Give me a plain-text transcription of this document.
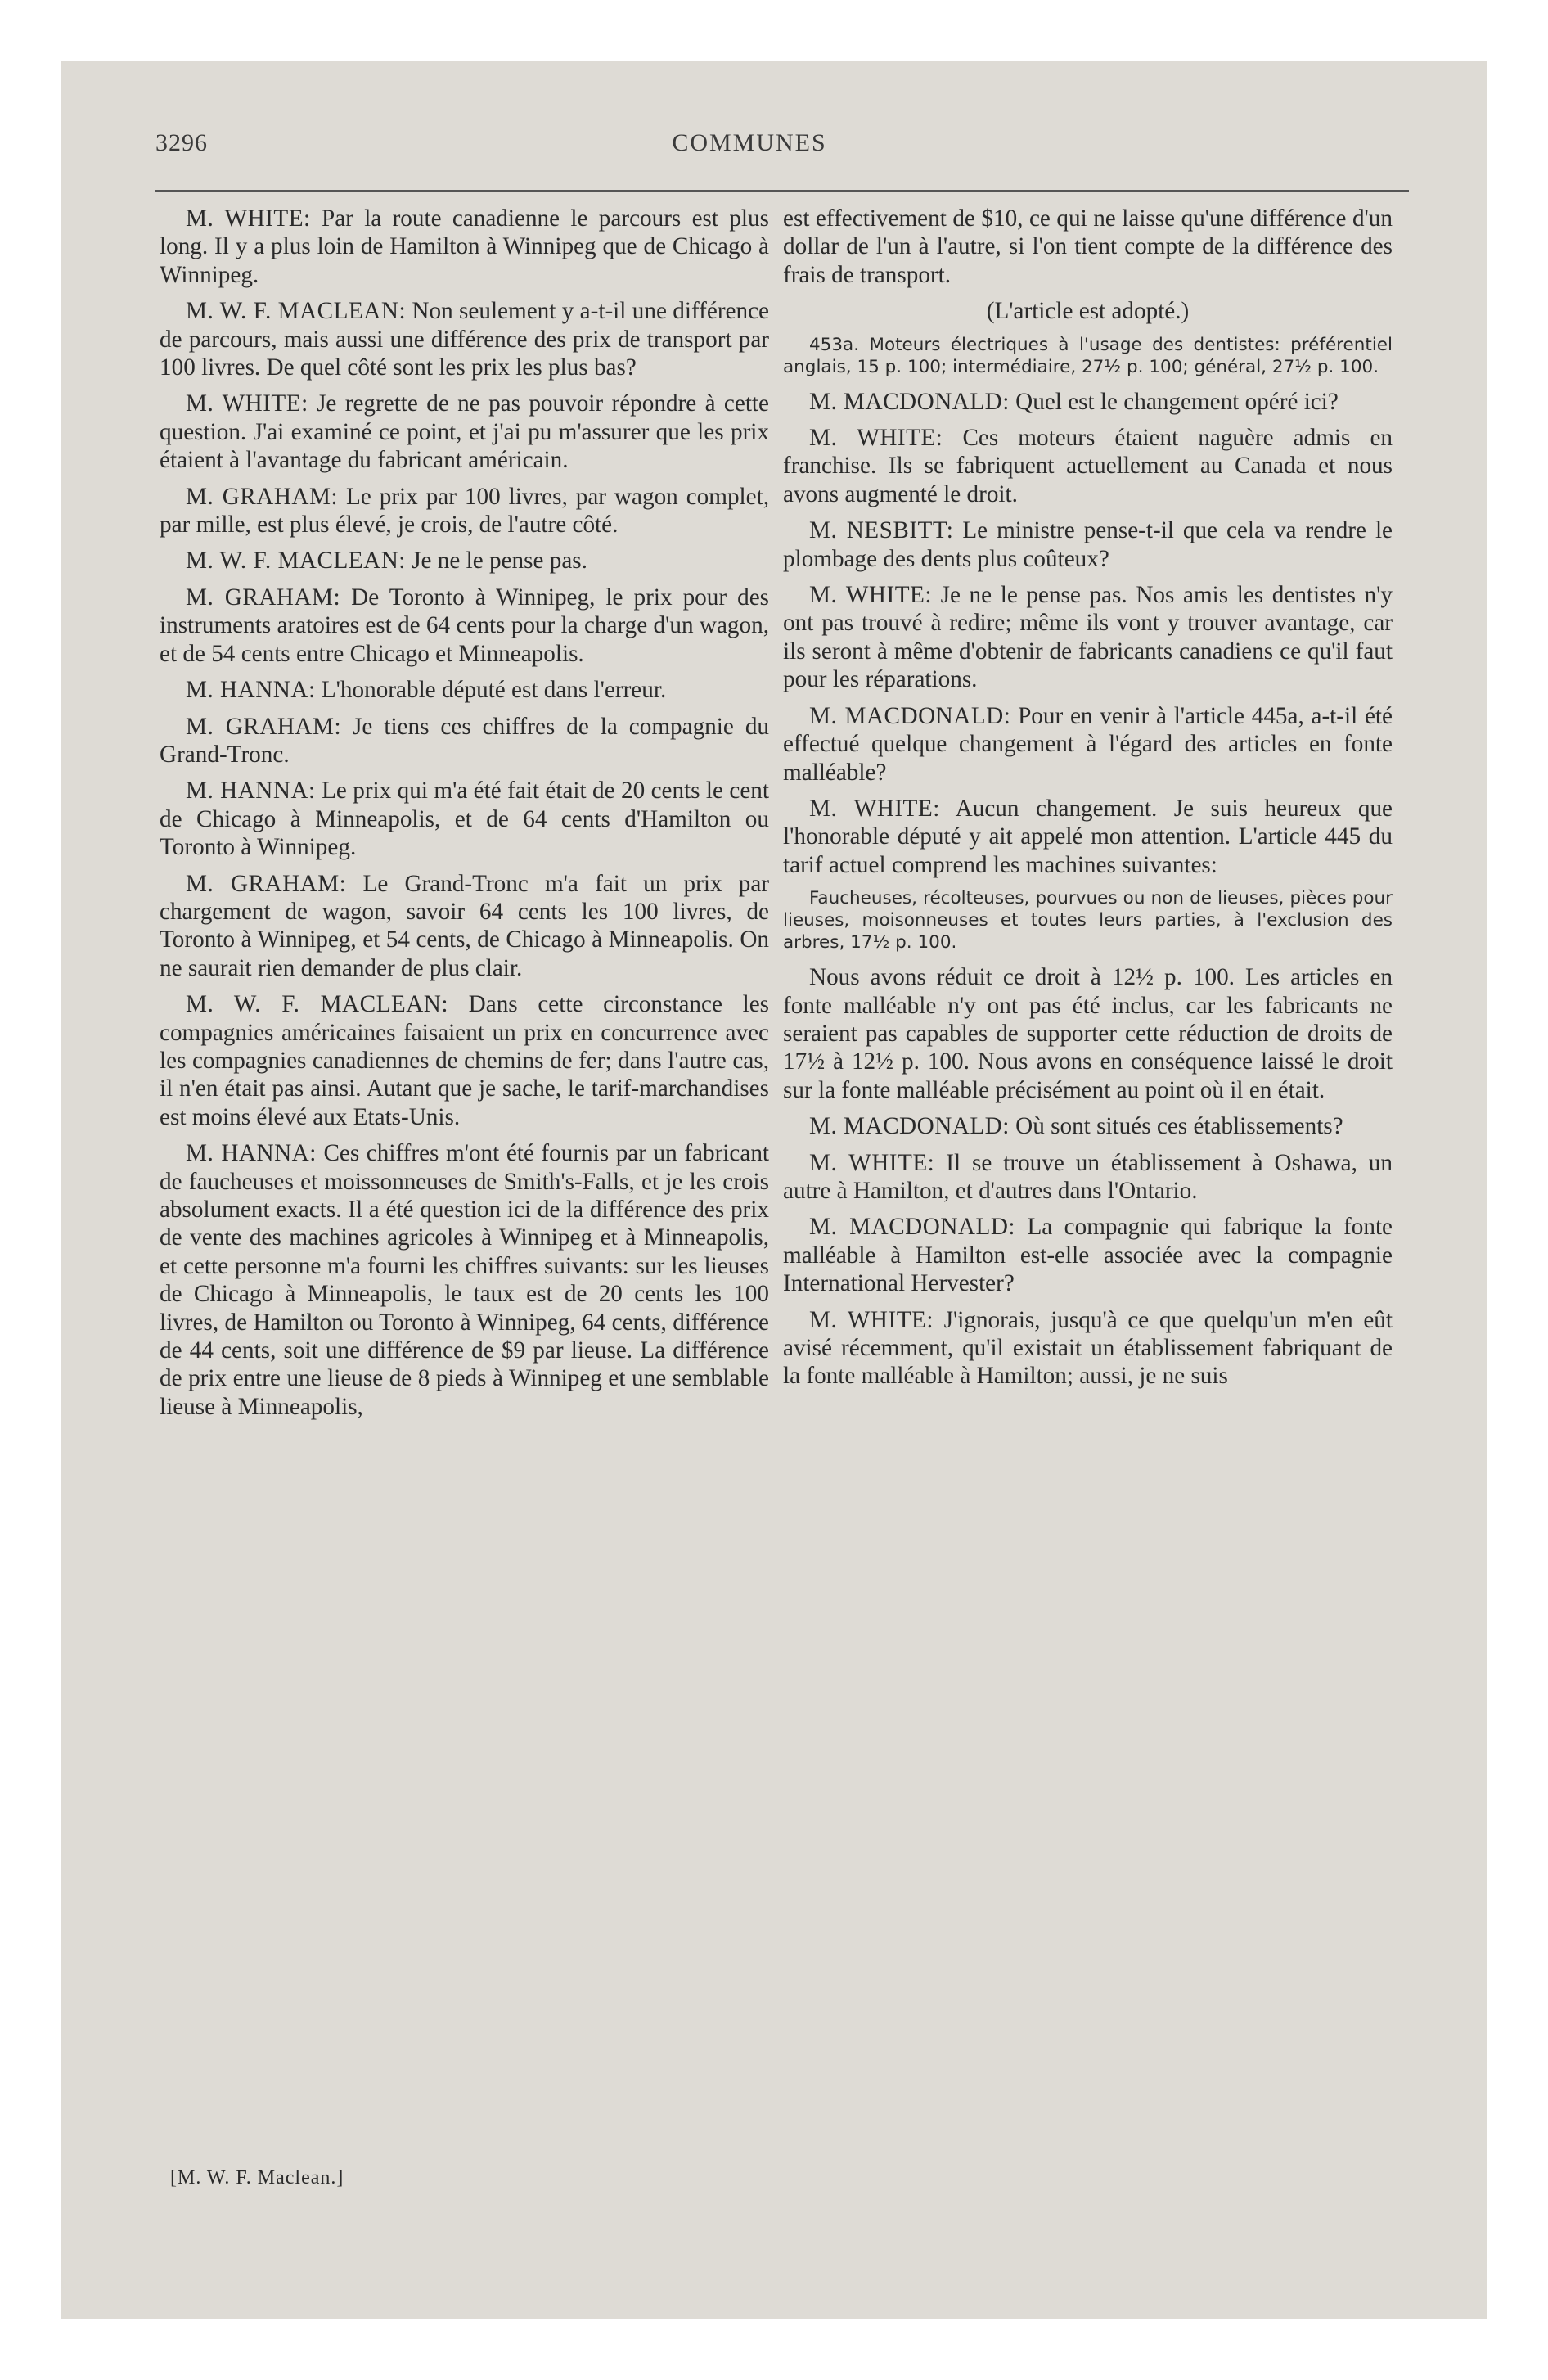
3296	COMMUNES

M. WHITE: Par la route canadienne le parcours est plus long. Il y a plus loin de Hamilton à Winnipeg que de Chicago à Winnipeg.

M. W. F. MACLEAN: Non seulement y a-t-il une différence de parcours, mais aussi une différence des prix de transport par 100 livres. De quel côté sont les prix les plus bas?

M. WHITE: Je regrette de ne pas pouvoir répondre à cette question. J'ai examiné ce point, et j'ai pu m'assurer que les prix étaient à l'avantage du fabricant américain.

M. GRAHAM: Le prix par 100 livres, par wagon complet, par mille, est plus élevé, je crois, de l'autre côté.

M. W. F. MACLEAN: Je ne le pense pas.

M. GRAHAM: De Toronto à Winnipeg, le prix pour des instruments aratoires est de 64 cents pour la charge d'un wagon, et de 54 cents entre Chicago et Minneapolis.

M. HANNA: L'honorable député est dans l'erreur.

M. GRAHAM: Je tiens ces chiffres de la compagnie du Grand-Tronc.

M. HANNA: Le prix qui m'a été fait était de 20 cents le cent de Chicago à Minneapolis, et de 64 cents d'Hamilton ou Toronto à Winnipeg.

M. GRAHAM: Le Grand-Tronc m'a fait un prix par chargement de wagon, savoir 64 cents les 100 livres, de Toronto à Winnipeg, et 54 cents, de Chicago à Minneapolis. On ne saurait rien demander de plus clair.

M. W. F. MACLEAN: Dans cette circonstance les compagnies américaines faisaient un prix en concurrence avec les compagnies canadiennes de chemins de fer; dans l'autre cas, il n'en était pas ainsi. Autant que je sache, le tarif-marchandises est moins élevé aux Etats-Unis.

M. HANNA: Ces chiffres m'ont été fournis par un fabricant de faucheuses et moissonneuses de Smith's-Falls, et je les crois absolument exacts. Il a été question ici de la différence des prix de vente des machines agricoles à Winnipeg et à Minneapolis, et cette personne m'a fourni les chiffres suivants: sur les lieuses de Chicago à Minneapolis, le taux est de 20 cents les 100 livres, de Hamilton ou Toronto à Winnipeg, 64 cents, différence de 44 cents, soit une différence de $9 par lieuse. La différence de prix entre une lieuse de 8 pieds à Winnipeg et une semblable lieuse à Minneapolis,

est effectivement de $10, ce qui ne laisse qu'une différence d'un dollar de l'un à l'autre, si l'on tient compte de la différence des frais de transport.

(L'article est adopté.)

453a. Moteurs électriques à l'usage des dentistes: préférentiel anglais, 15 p. 100; intermédiaire, 27½ p. 100; général, 27½ p. 100.

M. MACDONALD: Quel est le changement opéré ici?

M. WHITE: Ces moteurs étaient naguère admis en franchise. Ils se fabriquent actuellement au Canada et nous avons augmenté le droit.

M. NESBITT: Le ministre pense-t-il que cela va rendre le plombage des dents plus coûteux?

M. WHITE: Je ne le pense pas. Nos amis les dentistes n'y ont pas trouvé à redire; même ils vont y trouver avantage, car ils seront à même d'obtenir de fabricants canadiens ce qu'il faut pour les réparations.

M. MACDONALD: Pour en venir à l'article 445a, a-t-il été effectué quelque changement à l'égard des articles en fonte malléable?

M. WHITE: Aucun changement. Je suis heureux que l'honorable député y ait appelé mon attention. L'article 445 du tarif actuel comprend les machines suivantes:

Faucheuses, récolteuses, pourvues ou non de lieuses, pièces pour lieuses, moisonneuses et toutes leurs parties, à l'exclusion des arbres, 17½ p. 100.

Nous avons réduit ce droit à 12½ p. 100. Les articles en fonte malléable n'y ont pas été inclus, car les fabricants ne seraient pas capables de supporter cette réduction de droits de 17½ à 12½ p. 100. Nous avons en conséquence laissé le droit sur la fonte malléable précisément au point où il en était.

M. MACDONALD: Où sont situés ces établissements?

M. WHITE: Il se trouve un établissement à Oshawa, un autre à Hamilton, et d'autres dans l'Ontario.

M. MACDONALD: La compagnie qui fabrique la fonte malléable à Hamilton est-elle associée avec la compagnie International Hervester?

M. WHITE: J'ignorais, jusqu'à ce que quelqu'un m'en eût avisé récemment, qu'il existait un établissement fabriquant de la fonte malléable à Hamilton; aussi, je ne suis

[M. W. F. Maclean.]
